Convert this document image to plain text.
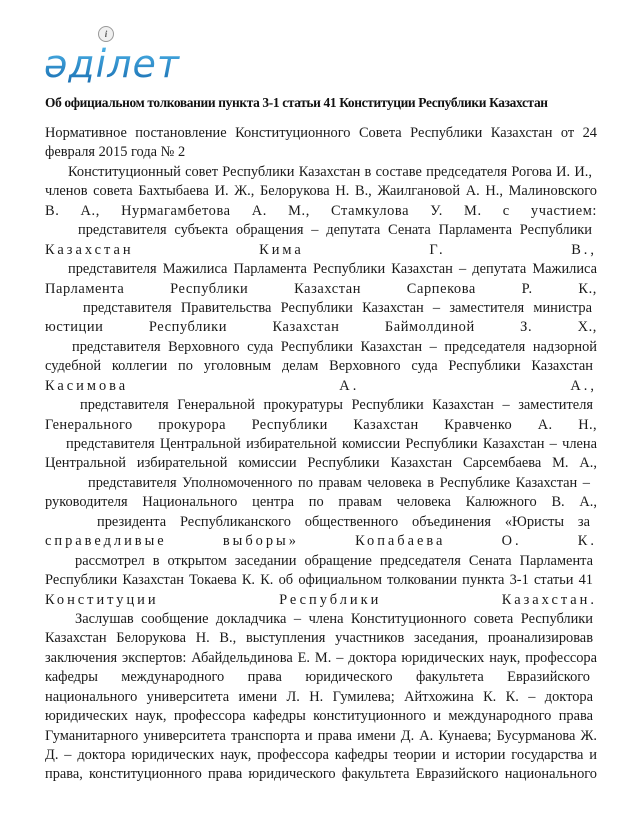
әділет
i
Об официальном толковании пункта 3-1 статьи 41 Конституции Республики Казахстан
Нормативное постановление Конституционного Совета Республики Казахстан от 24
февраля 2015 года № 2
Конституционный совет Республики Казахстан в составе председателя Рогова И. И.,
членов совета Бахтыбаева И. Ж., Белорукова Н. В., Жаилгановой А. Н., Малиновского
В. А., Нурмагамбетова А. М., Стамкулова У. М. с участием:
представителя субъекта обращения – депутата Сената Парламента Республики
Казахстан Кима Г. В.,
представителя Мажилиса Парламента Республики Казахстан – депутата Мажилиса
Парламента Республики Казахстан Сарпекова Р. К.,
представителя Правительства Республики Казахстан – заместителя министра
юстиции Республики Казахстан Баймолдиной З. Х.,
представителя Верховного суда Республики Казахстан – председателя надзорной
судебной коллегии по уголовным делам Верховного суда Республики Казахстан
Касимова А. А.,
представителя Генеральной прокуратуры Республики Казахстан – заместителя
Генерального прокурора Республики Казахстан Кравченко А. Н.,
представителя Центральной избирательной комиссии Республики Казахстан – члена
Центральной избирательной комиссии Республики Казахстан Сарсембаева М. А.,
представителя Уполномоченного по правам человека в Республике Казахстан –
руководителя Национального центра по правам человека Калюжного В. А.,
президента Республиканского общественного объединения «Юристы за
справедливые выборы» Копабаева О. К.
рассмотрел в открытом заседании обращение председателя Сената Парламента
Республики Казахстан Токаева К. К. об официальном толковании пункта 3-1 статьи 41
Конституции Республики Казахстан.
Заслушав сообщение докладчика – члена Конституционного совета Республики
Казахстан Белорукова Н. В., выступления участников заседания, проанализировав
заключения экспертов: Абайдельдинова Е. М. – доктора юридических наук, профессора
кафедры международного права юридического факультета Евразийского
национального университета имени Л. Н. Гумилева; Айтхожина К. К. – доктора
юридических наук, профессора кафедры конституционного и международного права
Гуманитарного университета транспорта и права имени Д. А. Кунаева; Бусурманова Ж.
Д. – доктора юридических наук, профессора кафедры теории и истории государства и
права, конституционного права юридического факультета Евразийского национального
